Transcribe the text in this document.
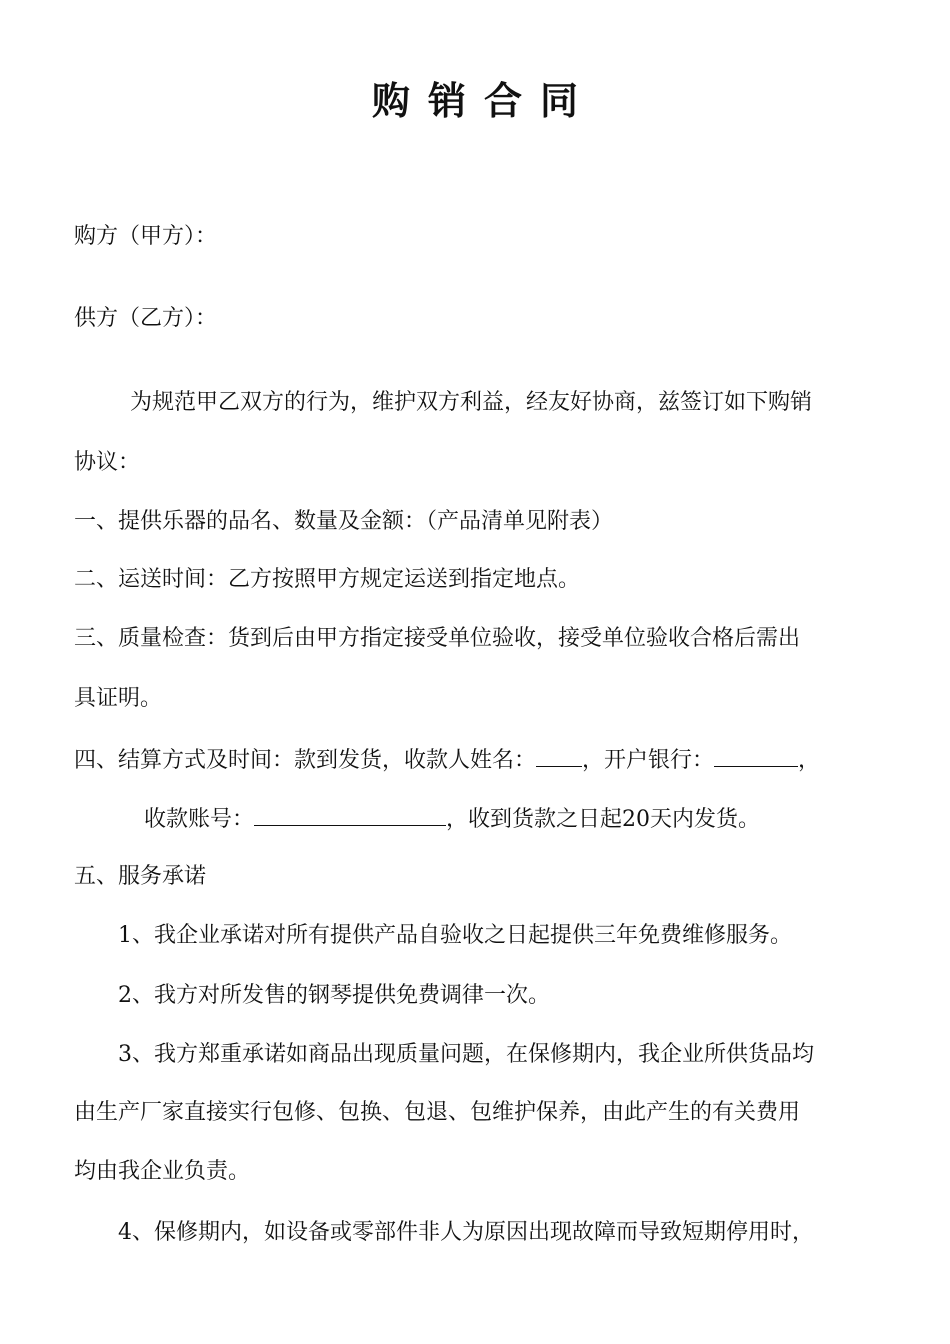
购销合同
购方（甲方）：
供方（乙方）：
为规范甲乙双方的行为，维护双方利益，经友好协商，兹签订如下购销
协议：
一、提供乐器的品名、数量及金额：（产品清单见附表）
二、运送时间：乙方按照甲方规定运送到指定地点。
三、质量检查：货到后由甲方指定接受单位验收，接受单位验收合格后需出
具证明。
四、结算方式及时间：款到发货，收款人姓名： ，开户银行：	，
收款账号：	，收到货款之日起20天内发货。
五、服务承诺
1、我企业承诺对所有提供产品自验收之日起提供三年免费维修服务。
2、我方对所发售的钢琴提供免费调律一次。
3、我方郑重承诺如商品出现质量问题，在保修期内，我企业所供货品均
由生产厂家直接实行包修、包换、包退、包维护保养，由此产生的有关费用
均由我企业负责。
4、保修期内，如设备或零部件非人为原因出现故障而导致短期停用时，
